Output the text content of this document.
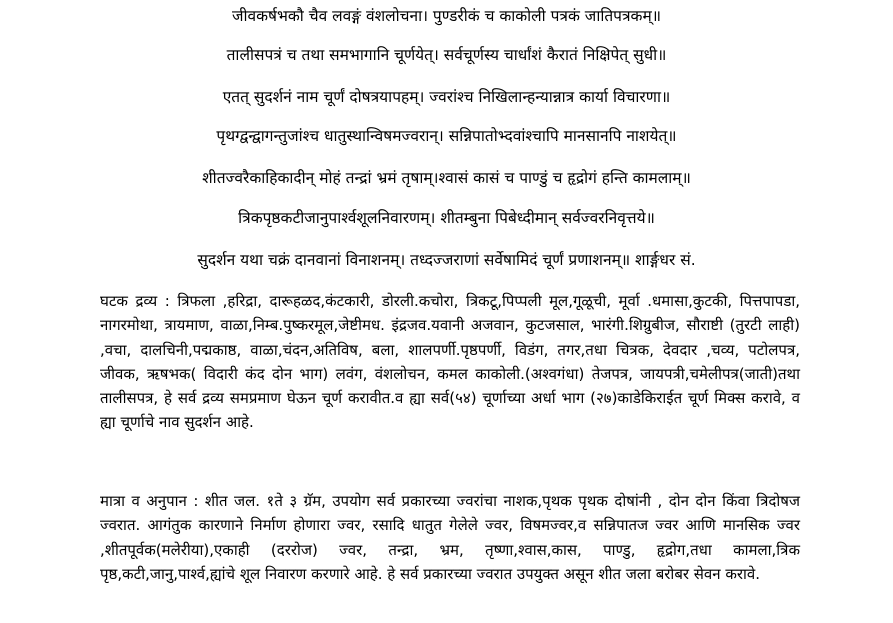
जीवकर्षभकौ चैव लवङ्गं वंशलोचना। पुण्डरीकं च काकोली पत्रकं जातिपत्रकम्॥
तालीसपत्रं च तथा समभागानि चूर्णयेत्। सर्वचूर्णस्य चार्धांशं कैरातं निक्षिपेत् सुधी॥
एतत् सुदर्शनं नाम चूर्णं दोषत्रयापहम्। ज्वरांश्च निखिलान्हन्यान्नात्र कार्या विचारणा॥
पृथग्द्वन्द्वागन्तुजांश्च धातुस्थान्विषमज्वरान्। सन्निपातोभ्दवांश्चापि मानसानपि नाशयेत्॥
शीतज्वरैकाहिकादीन् मोहं तन्द्रां भ्रमं तृषाम्।श्वासं कासं च पाण्डुं च हृद्रोगं हन्ति कामलाम्॥
त्रिकपृष्ठकटीजानुपार्श्वशूलनिवारणम्। शीतम्बुना पिबेध्दीमान् सर्वज्वरनिवृत्तये॥
सुदर्शन यथा चक्रं दानवानां विनाशनम्। तध्दज्जराणां सर्वेषामिदं चूर्णं प्रणाशनम्॥ शार्ङ्गधर सं.
घटक द्रव्य : त्रिफला ,हरिद्रा, दारूहळद,कंटकारी, डोरली.कचोरा, त्रिकटू,पिप्पली मूल,गूळूची, मूर्वा .धमासा,कुटकी, पित्तपापडा, नागरमोथा, त्रायमाण, वाळा,निम्ब.पुष्करमूल,जेष्टीमध. इंद्रजव.यवानी अजवान, कुटजसाल, भारंगी.शिग्रुबीज, सौराष्टी (तुरटी लाही) ,वचा, दालचिनी,पद्मकाष्ठ, वाळा,चंदन,अतिविष, बला, शालपर्णी.पृष्ठपर्णी, विडंग, तगर,तधा चित्रक, देवदार ,चव्य, पटोलपत्र, जीवक, ऋषभक( विदारी कंद दोन भाग) लवंग, वंशलोचन, कमल काकोली.(अश्वगंधा) तेजपत्र, जायपत्री,चमेलीपत्र(जाती)तथा तालीसपत्र, हे सर्व द्रव्य समप्रमाण घेऊन चूर्ण करावीत.व ह्या सर्व(५४) चूर्णाच्या अर्धा भाग (२७)काडेकिराईत चूर्ण मिक्स करावे, व ह्या चूर्णाचे नाव सुदर्शन आहे.
मात्रा व अनुपान : शीत जल. १ते ३ ग्रॅम, उपयोग सर्व प्रकारच्या ज्वरांचा नाशक,पृथक पृथक दोषांनी , दोन दोन किंवा त्रिदोषज ज्वरात. आगंतुक कारणाने निर्माण होणारा ज्वर, रसादि धातुत गेलेले ज्वर, विषमज्वर,व सन्निपातज ज्वर आणि मानसिक ज्वर ,शीतपूर्वक(मलेरीया),एकाही (दररोज) ज्वर, तन्द्रा, भ्रम, तृष्णा,श्वास,कास, पाण्डु, हृद्रोग,तधा कामला,त्रिक पृष्ठ,कटी,जानु,पार्श्व,ह्यांचे शूल निवारण करणारे आहे. हे सर्व प्रकारच्या ज्वरात उपयुक्त असून शीत जला बरोबर सेवन करावे.
